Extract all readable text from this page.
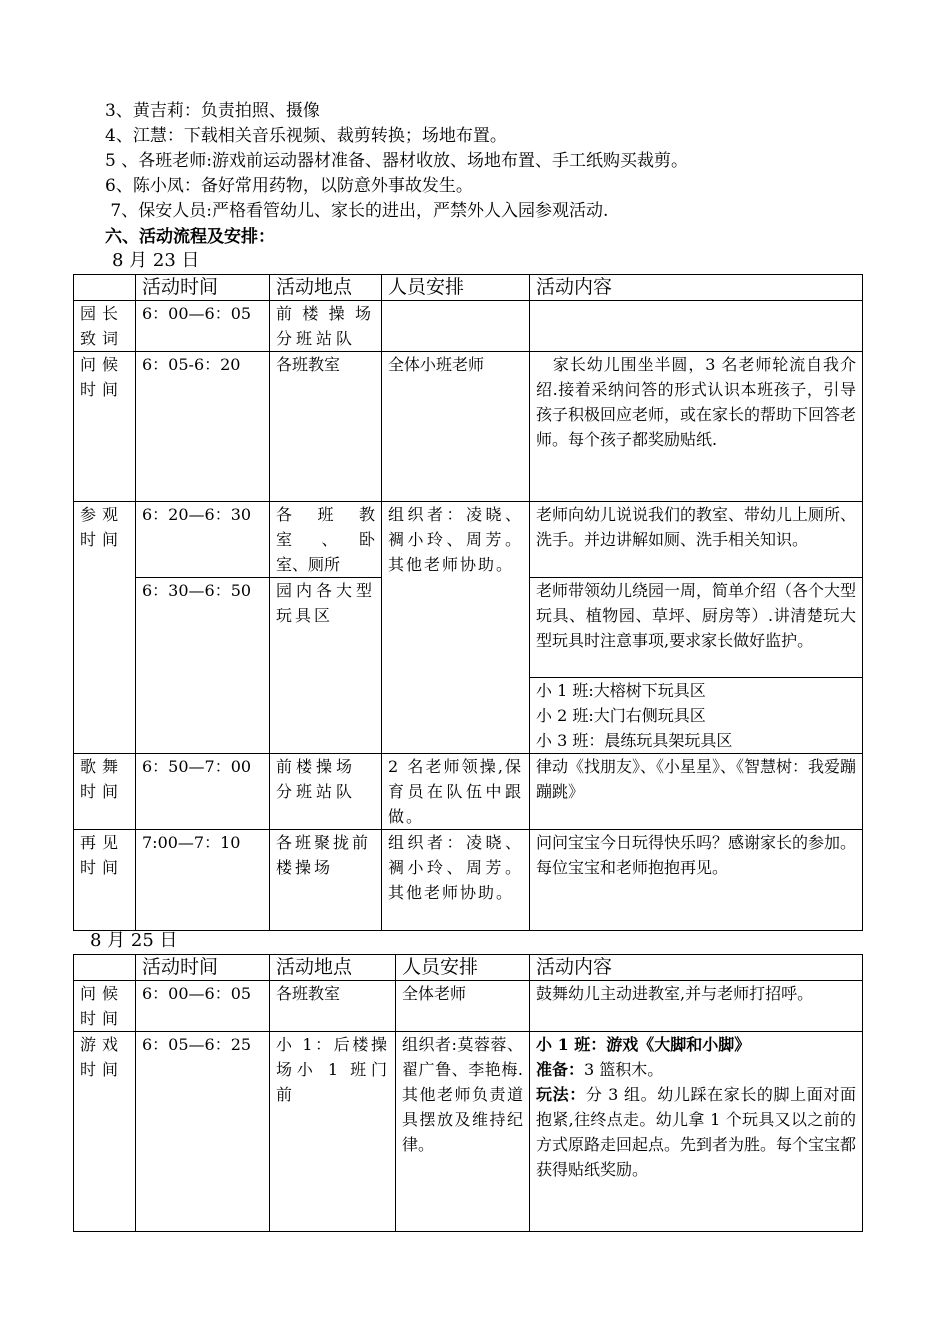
3、黄吉莉：负责拍照、摄像
4、江慧：下载相关音乐视频、裁剪转换；场地布置。
5 、各班老师:游戏前运动器材准备、器材收放、场地布置、手工纸购买裁剪。
6、陈小凤：备好常用药物，以防意外事故发生。
7、保安人员:严格看管幼儿、家长的进出，严禁外人入园参观活动.
六、活动流程及安排：
8 月 23 日
	活动时间	活动地点	人员安排	活动内容
园长致词	6：00—6：05	前楼操场分班站队		
问候时间	6：05-6：20	各班教室	全体小班老师	　家长幼儿围坐半圆，3 名老师轮流自我介绍.接着采纳问答的形式认识本班孩子，引导孩子积极回应老师，或在家长的帮助下回答老师。每个孩子都奖励贴纸.
参观时间	6：20—6：30	各　班　教室　、　卧室、厕所	组织者：凌晓、裯小玲、周芳。其他老师协助。	老师向幼儿说说我们的教室、带幼儿上厕所、洗手。并边讲解如厕、洗手相关知识。
	6：30—6：50	园内各大型玩具区		老师带领幼儿绕园一周，简单介绍（各个大型玩具、植物园、草坪、厨房等）.讲清楚玩大型玩具时注意事项,要求家长做好监护。

				小 1 班:大榕树下玩具区
小 2 班:大门右侧玩具区
小 3 班：晨练玩具架玩具区

歌舞时间	6：50—7：00	前楼操场分班站队	2 名老师领操,保育员在队伍中跟做。	律动《找朋友》、《小星星》、《智慧树：我爱蹦蹦跳》
再见时间	7:00—7：10	各班聚拢前楼操场	组织者：凌晓、裯小玲、周芳。其他老师协助。	问问宝宝今日玩得快乐吗？感谢家长的参加。每位宝宝和老师抱抱再见。
8 月 25 日
	活动时间	活动地点	人员安排	活动内容
问候时间	6：00—6：05	各班教室	全体老师	鼓舞幼儿主动进教室,并与老师打招呼。
游戏时间	6：05—6：25	小 1：后楼操场小 1 班门前	组织者:莫蓉蓉、翟广鲁、李艳梅.其他老师负责道具摆放及维持纪律。	小 1 班：游戏《大脚和小脚》
准备：3 篮积木。
玩法：分 3 组。幼儿踩在家长的脚上面对面抱紧,往终点走。幼儿拿 1 个玩具又以之前的方式原路走回起点。先到者为胜。每个宝宝都获得贴纸奖励。
